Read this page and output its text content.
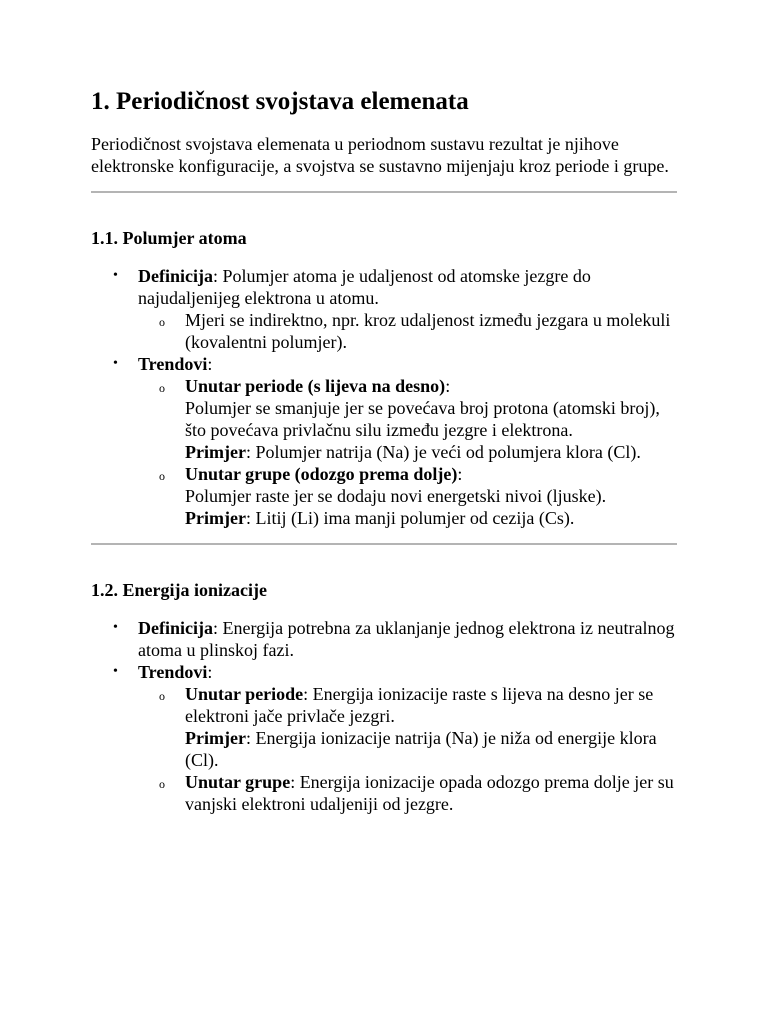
1. Periodičnost svojstava elemenata

Periodičnost svojstava elemenata u periodnom sustavu rezultat je njihove elektronske konfiguracije, a svojstva se sustavno mijenjaju kroz periode i grupe.

1.1. Polumjer atoma
• Definicija: Polumjer atoma je udaljenost od atomske jezgre do najudaljenijeg elektrona u atomu.
o Mjeri se indirektno, npr. kroz udaljenost između jezgara u molekuli (kovalentni polumjer).
• Trendovi:
o Unutar periode (s lijeva na desno):
Polumjer se smanjuje jer se povećava broj protona (atomski broj), što povećava privlačnu silu između jezgre i elektrona.
Primjer: Polumjer natrija (Na) je veći od polumjera klora (Cl).
o Unutar grupe (odozgo prema dolje):
Polumjer raste jer se dodaju novi energetski nivoi (ljuske).
Primjer: Litij (Li) ima manji polumjer od cezija (Cs).
1.2. Energija ionizacije
• Definicija: Energija potrebna za uklanjanje jednog elektrona iz neutralnog atoma u plinskoj fazi.
• Trendovi:
o Unutar periode: Energija ionizacije raste s lijeva na desno jer se elektroni jače privlače jezgri.
Primjer: Energija ionizacije natrija (Na) je niža od energije klora (Cl).
o Unutar grupe: Energija ionizacije opada odozgo prema dolje jer su vanjski elektroni udaljeniji od jezgre.
